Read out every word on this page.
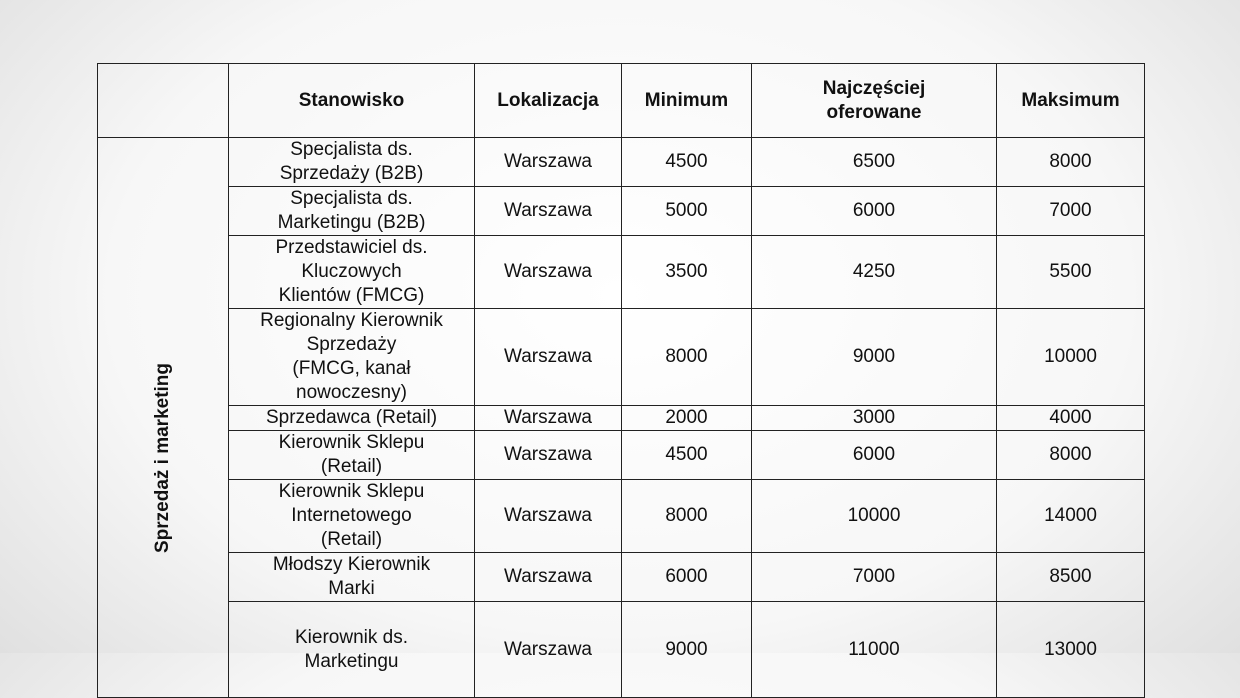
	Stanowisko	Lokalizacja	Minimum	Najczęściej
oferowane	Maksimum

Sprzedaż i marketing	Specjalista ds.
Sprzedaży (B2B)	Warszawa	4500	6500	8000
	Specjalista ds.
Marketingu (B2B)	Warszawa	5000	6000	7000
	Przedstawiciel ds.
Kluczowych
Klientów (FMCG)	Warszawa	3500	4250	5500
	Regionalny Kierownik
Sprzedaży
(FMCG, kanał
nowoczesny)	Warszawa	8000	9000	10000
	Sprzedawca (Retail)	Warszawa	2000	3000	4000
	Kierownik Sklepu
(Retail)	Warszawa	4500	6000	8000
	Kierownik Sklepu
Internetowego
(Retail)	Warszawa	8000	10000	14000
	Młodszy Kierownik
Marki	Warszawa	6000	7000	8500
	Kierownik ds.
Marketingu	Warszawa	9000	11000	13000
